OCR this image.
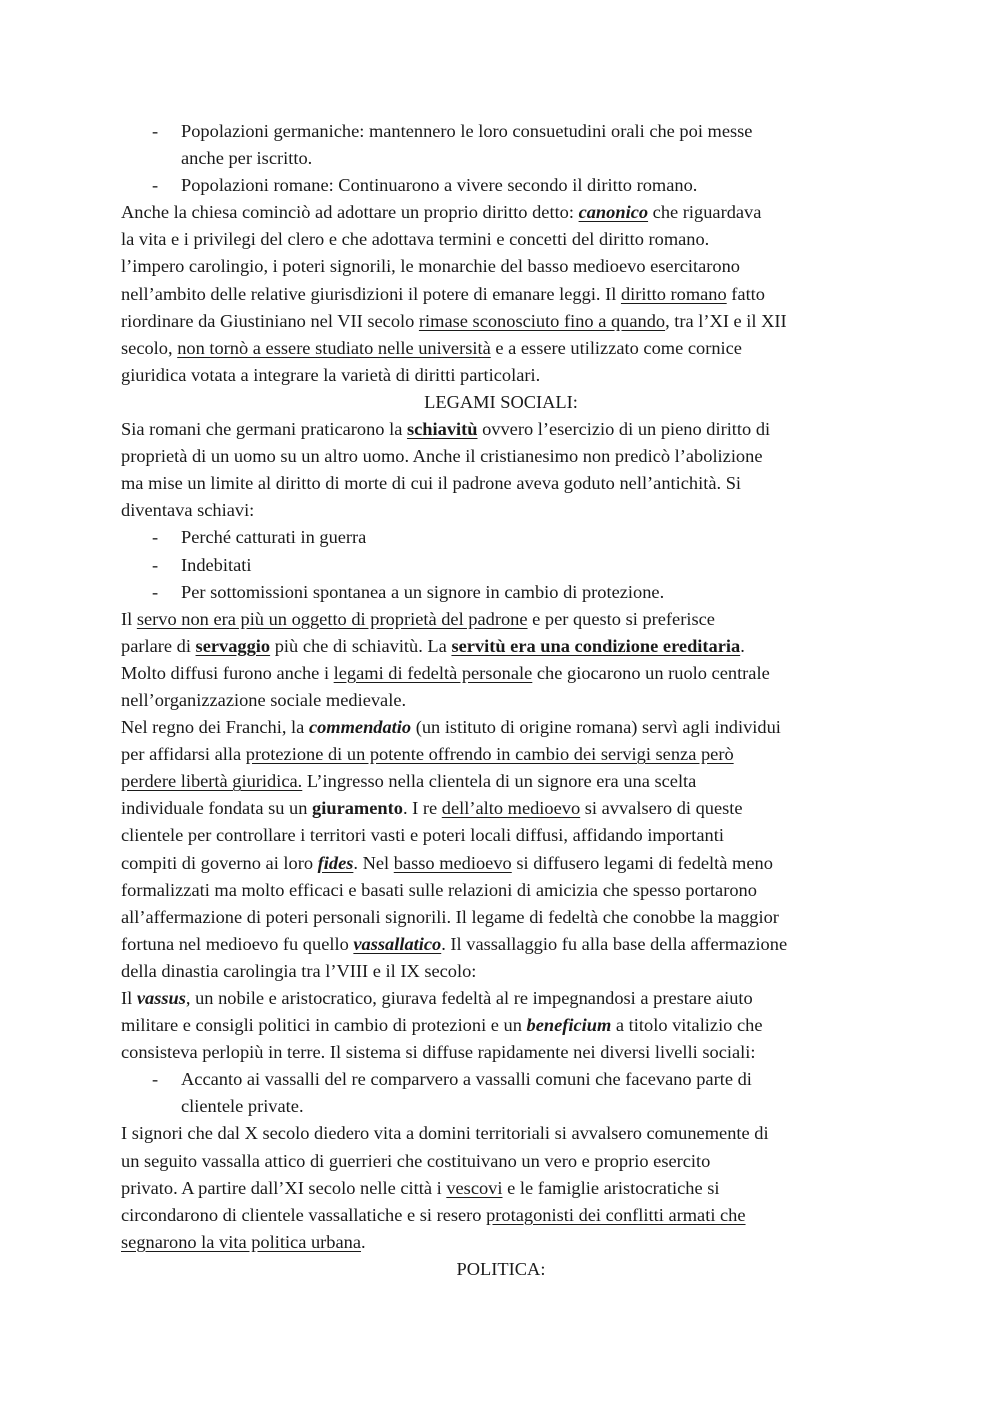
- Popolazioni germaniche: mantennero le loro consuetudini orali che poi messe
anche per iscritto.
- Popolazioni romane: Continuarono a vivere secondo il diritto romano.
Anche la chiesa cominciò ad adottare un proprio diritto detto: canonico che riguardava
la vita e i privilegi del clero e che adottava termini e concetti del diritto romano.
l’impero carolingio, i poteri signorili, le monarchie del basso medioevo esercitarono
nell’ambito delle relative giurisdizioni il potere di emanare leggi. Il diritto romano fatto
riordinare da Giustiniano nel VII secolo rimase sconosciuto fino a quando, tra l’XI e il XII
secolo, non tornò a essere studiato nelle università e a essere utilizzato come cornice
giuridica votata a integrare la varietà di diritti particolari.
LEGAMI SOCIALI:
Sia romani che germani praticarono la schiavitù ovvero l’esercizio di un pieno diritto di
proprietà di un uomo su un altro uomo. Anche il cristianesimo non predicò l’abolizione
ma mise un limite al diritto di morte di cui il padrone aveva goduto nell’antichità. Si
diventava schiavi:
- Perché catturati in guerra
- Indebitati
- Per sottomissioni spontanea a un signore in cambio di protezione.
Il servo non era più un oggetto di proprietà del padrone e per questo si preferisce
parlare di servaggio più che di schiavitù. La servitù era una condizione ereditaria.
Molto diffusi furono anche i legami di fedeltà personale che giocarono un ruolo centrale
nell’organizzazione sociale medievale.
Nel regno dei Franchi, la commendatio (un istituto di origine romana) servì agli individui
per affidarsi alla protezione di un potente offrendo in cambio dei servigi senza però
perdere libertà giuridica. L’ingresso nella clientela di un signore era una scelta
individuale fondata su un giuramento. I re dell’alto medioevo si avvalsero di queste
clientele per controllare i territori vasti e poteri locali diffusi, affidando importanti
compiti di governo ai loro fides. Nel basso medioevo si diffusero legami di fedeltà meno
formalizzati ma molto efficaci e basati sulle relazioni di amicizia che spesso portarono
all’affermazione di poteri personali signorili. Il legame di fedeltà che conobbe la maggior
fortuna nel medioevo fu quello vassallatico. Il vassallaggio fu alla base della affermazione
della dinastia carolingia tra l’VIII e il IX secolo:
Il vassus, un nobile e aristocratico, giurava fedeltà al re impegnandosi a prestare aiuto
militare e consigli politici in cambio di protezioni e un beneficium a titolo vitalizio che
consisteva perlopiù in terre. Il sistema si diffuse rapidamente nei diversi livelli sociali:
- Accanto ai vassalli del re comparvero a vassalli comuni che facevano parte di
clientele private.
I signori che dal X secolo diedero vita a domini territoriali si avvalsero comunemente di
un seguito vassalla attico di guerrieri che costituivano un vero e proprio esercito
privato. A partire dall’XI secolo nelle città i vescovi e le famiglie aristocratiche si
circondarono di clientele vassallatiche e si resero protagonisti dei conflitti armati che
segnarono la vita politica urbana.
POLITICA:
